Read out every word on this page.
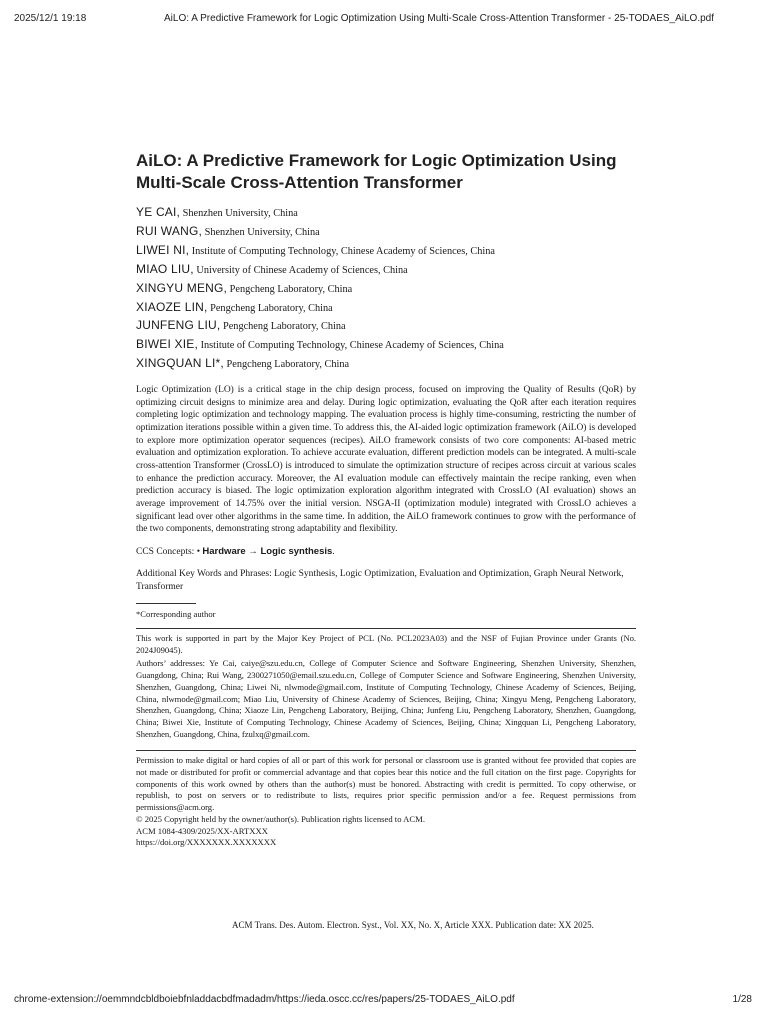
2025/12/1 19:18	AiLO: A Predictive Framework for Logic Optimization Using Multi-Scale Cross-Attention Transformer - 25-TODAES_AiLO.pdf
AiLO: A Predictive Framework for Logic Optimization Using Multi-Scale Cross-Attention Transformer
YE CAI, Shenzhen University, China
RUI WANG, Shenzhen University, China
LIWEI NI, Institute of Computing Technology, Chinese Academy of Sciences, China
MIAO LIU, University of Chinese Academy of Sciences, China
XINGYU MENG, Pengcheng Laboratory, China
XIAOZE LIN, Pengcheng Laboratory, China
JUNFENG LIU, Pengcheng Laboratory, China
BIWEI XIE, Institute of Computing Technology, Chinese Academy of Sciences, China
XINGQUAN LI*, Pengcheng Laboratory, China

Logic Optimization (LO) is a critical stage in the chip design process, focused on improving the Quality of Results (QoR) by optimizing circuit designs to minimize area and delay. During logic optimization, evaluating the QoR after each iteration requires completing logic optimization and technology mapping. The evaluation process is highly time-consuming, restricting the number of optimization iterations possible within a given time. To address this, the AI-aided logic optimization framework (AiLO) is developed to explore more optimization operator sequences (recipes). AiLO framework consists of two core components: AI-based metric evaluation and optimization exploration. To achieve accurate evaluation, different prediction models can be integrated. A multi-scale cross-attention Transformer (CrossLO) is introduced to simulate the optimization structure of recipes across circuit at various scales to enhance the prediction accuracy. Moreover, the AI evaluation module can effectively maintain the recipe ranking, even when prediction accuracy is biased. The logic optimization exploration algorithm integrated with CrossLO (AI evaluation) shows an average improvement of 14.75% over the initial version. NSGA-II (optimization module) integrated with CrossLO achieves a significant lead over other algorithms in the same time. In addition, the AiLO framework continues to grow with the performance of the two components, demonstrating strong adaptability and flexibility.

CCS Concepts: • Hardware → Logic synthesis.

Additional Key Words and Phrases: Logic Synthesis, Logic Optimization, Evaluation and Optimization, Graph Neural Network, Transformer

*Corresponding author

This work is supported in part by the Major Key Project of PCL (No. PCL2023A03) and the NSF of Fujian Province under Grants (No. 2024J09045).

Authors’ addresses: Ye Cai, caiye@szu.edu.cn, College of Computer Science and Software Engineering, Shenzhen University, Shenzhen, Guangdong, China; Rui Wang, 2300271050@email.szu.edu.cn, College of Computer Science and Software Engineering, Shenzhen University, Shenzhen, Guangdong, China; Liwei Ni, nlwmode@gmail.com, Institute of Computing Technology, Chinese Academy of Sciences, Beijing, China, nlwmode@gmail.com; Miao Liu, University of Chinese Academy of Sciences, Beijing, China; Xingyu Meng, Pengcheng Laboratory, Shenzhen, Guangdong, China; Xiaoze Lin, Pengcheng Laboratory, Beijing, China; Junfeng Liu, Pengcheng Laboratory, Shenzhen, Guangdong, China; Biwei Xie, Institute of Computing Technology, Chinese Academy of Sciences, Beijing, China; Xingquan Li, Pengcheng Laboratory, Shenzhen, Guangdong, China, fzulxq@gmail.com.

Permission to make digital or hard copies of all or part of this work for personal or classroom use is granted without fee provided that copies are not made or distributed for profit or commercial advantage and that copies bear this notice and the full citation on the first page. Copyrights for components of this work owned by others than the author(s) must be honored. Abstracting with credit is permitted. To copy otherwise, or republish, to post on servers or to redistribute to lists, requires prior specific permission and/or a fee. Request permissions from permissions@acm.org.

© 2025 Copyright held by the owner/author(s). Publication rights licensed to ACM.

ACM 1084-4309/2025/XX-ARTXXX

https://doi.org/XXXXXXX.XXXXXXX

ACM Trans. Des. Autom. Electron. Syst., Vol. XX, No. X, Article XXX. Publication date: XX 2025.
chrome-extension://oemmndcbldboiebfnladdacbdfmadadm/https://ieda.oscc.cc/res/papers/25-TODAES_AiLO.pdf	1/28
